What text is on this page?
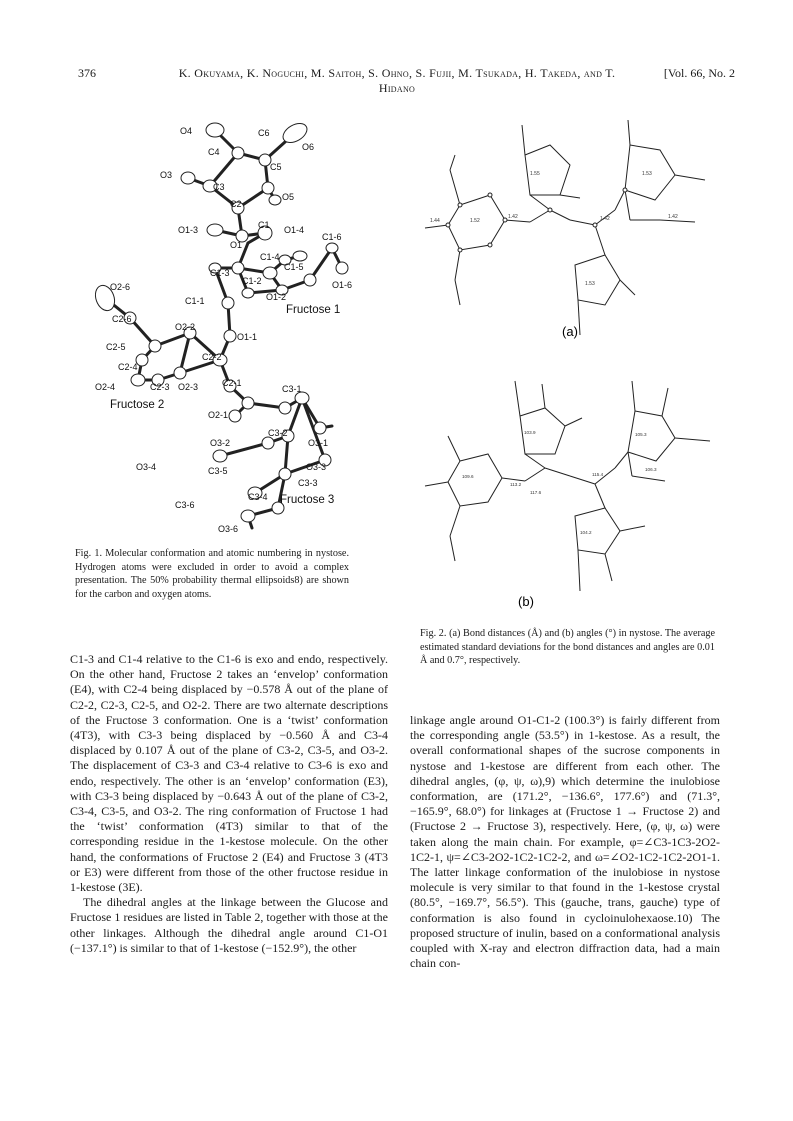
376	K. Okuyama, K. Noguchi, M. Saitoh, S. Ohno, S. Fujii, M. Tsukada, H. Takeda, and T. Hidano
[Vol. 66, No. 2
O4
C4
C6
O6
O3
C3
C5
C2
O5
C1
O1-3
O1
O1-4
C1-6
C1-4
C1-3
C1-2
C1-5
O1-2
O1-6
C1-1
Fructose 1
O2-6
C2-6
O2-2
O1-1
C2-5
C2-2
C2-4
C2-3 O2-3
O2-4	C2-1
Fructose 2
C3-1
O2-1
O3-2
C3-2
O3-1
O3-4	C3-5	O3-3
C3-3
C3-4 Fructose 3
C3-6
O3-6
1.52
1.55	1.53
1.53
1.42	1.42	1.42
1.44
(a)
109.6
103.9	105.3
104.2
117.6
115.4
113.2
106.3
(b)
Fig. 1. Molecular conformation and atomic numbering in nystose. Hydrogen atoms were excluded in order to avoid a complex presentation. The 50% probability thermal ellipsoids8) are shown for the carbon and oxygen atoms.
Fig. 2. (a) Bond distances (Å) and (b) angles (°) in nystose. The average estimated standard deviations for the bond distances and angles are 0.01 Å and 0.7°, respectively.

C1-3 and C1-4 relative to the C1-6 is exo and endo, respectively. On the other hand, Fructose 2 takes an ‘envelop’ conformation (E4), with C2-4 being displaced by −0.578 Å out of the plane of C2-2, C2-3, C2-5, and O2-2. There are two alternate descriptions of the Fructose 3 conformation. One is a ‘twist’ conformation (4T3), with C3-3 being displaced by −0.560 Å and C3-4 displaced by 0.107 Å out of the plane of C3-2, C3-5, and O3-2. The displacement of C3-3 and C3-4 relative to C3-6 is exo and endo, respectively. The other is an ‘envelop’ conformation (E3), with C3-3 being displaced by −0.643 Å out of the plane of C3-2, C3-4, C3-5, and O3-2. The ring conformation of Fructose 1 had the ‘twist’ conformation (4T3) similar to that of the corresponding residue in the 1-kestose molecule. On the other hand, the conformations of Fructose 2 (E4) and Fructose 3 (4T3 or E3) were different from those of the other fructose residue in 1-kestose (3E).

The dihedral angles at the linkage between the Glucose and Fructose 1 residues are listed in Table 2, together with those at the other linkages. Although the dihedral angle around C1-O1 (−137.1°) is similar to that of 1-kestose (−152.9°), the other

linkage angle around O1-C1-2 (100.3°) is fairly different from the corresponding angle (53.5°) in 1-kestose. As a result, the overall conformational shapes of the sucrose components in nystose and 1-kestose are different from each other. The dihedral angles, (φ, ψ, ω),9) which determine the inulobiose conformation, are (171.2°, −136.6°, 177.6°) and (71.3°, −165.9°, 68.0°) for linkages at (Fructose 1 → Fructose 2) and (Fructose 2 → Fructose 3), respectively. Here, (φ, ψ, ω) were taken along the main chain. For example, φ=∠C3-1C3-2O2-1C2-1, ψ=∠C3-2O2-1C2-1C2-2, and ω=∠O2-1C2-1C2-2O1-1. The latter linkage conformation of the inulobiose in nystose molecule is very similar to that found in the 1-kestose crystal (80.5°, −169.7°, 56.5°). This (gauche, trans, gauche) type of conformation is also found in cycloinulohexaose.10) The proposed structure of inulin, based on a conformational analysis coupled with X-ray and electron diffraction data, had a main chain con-
